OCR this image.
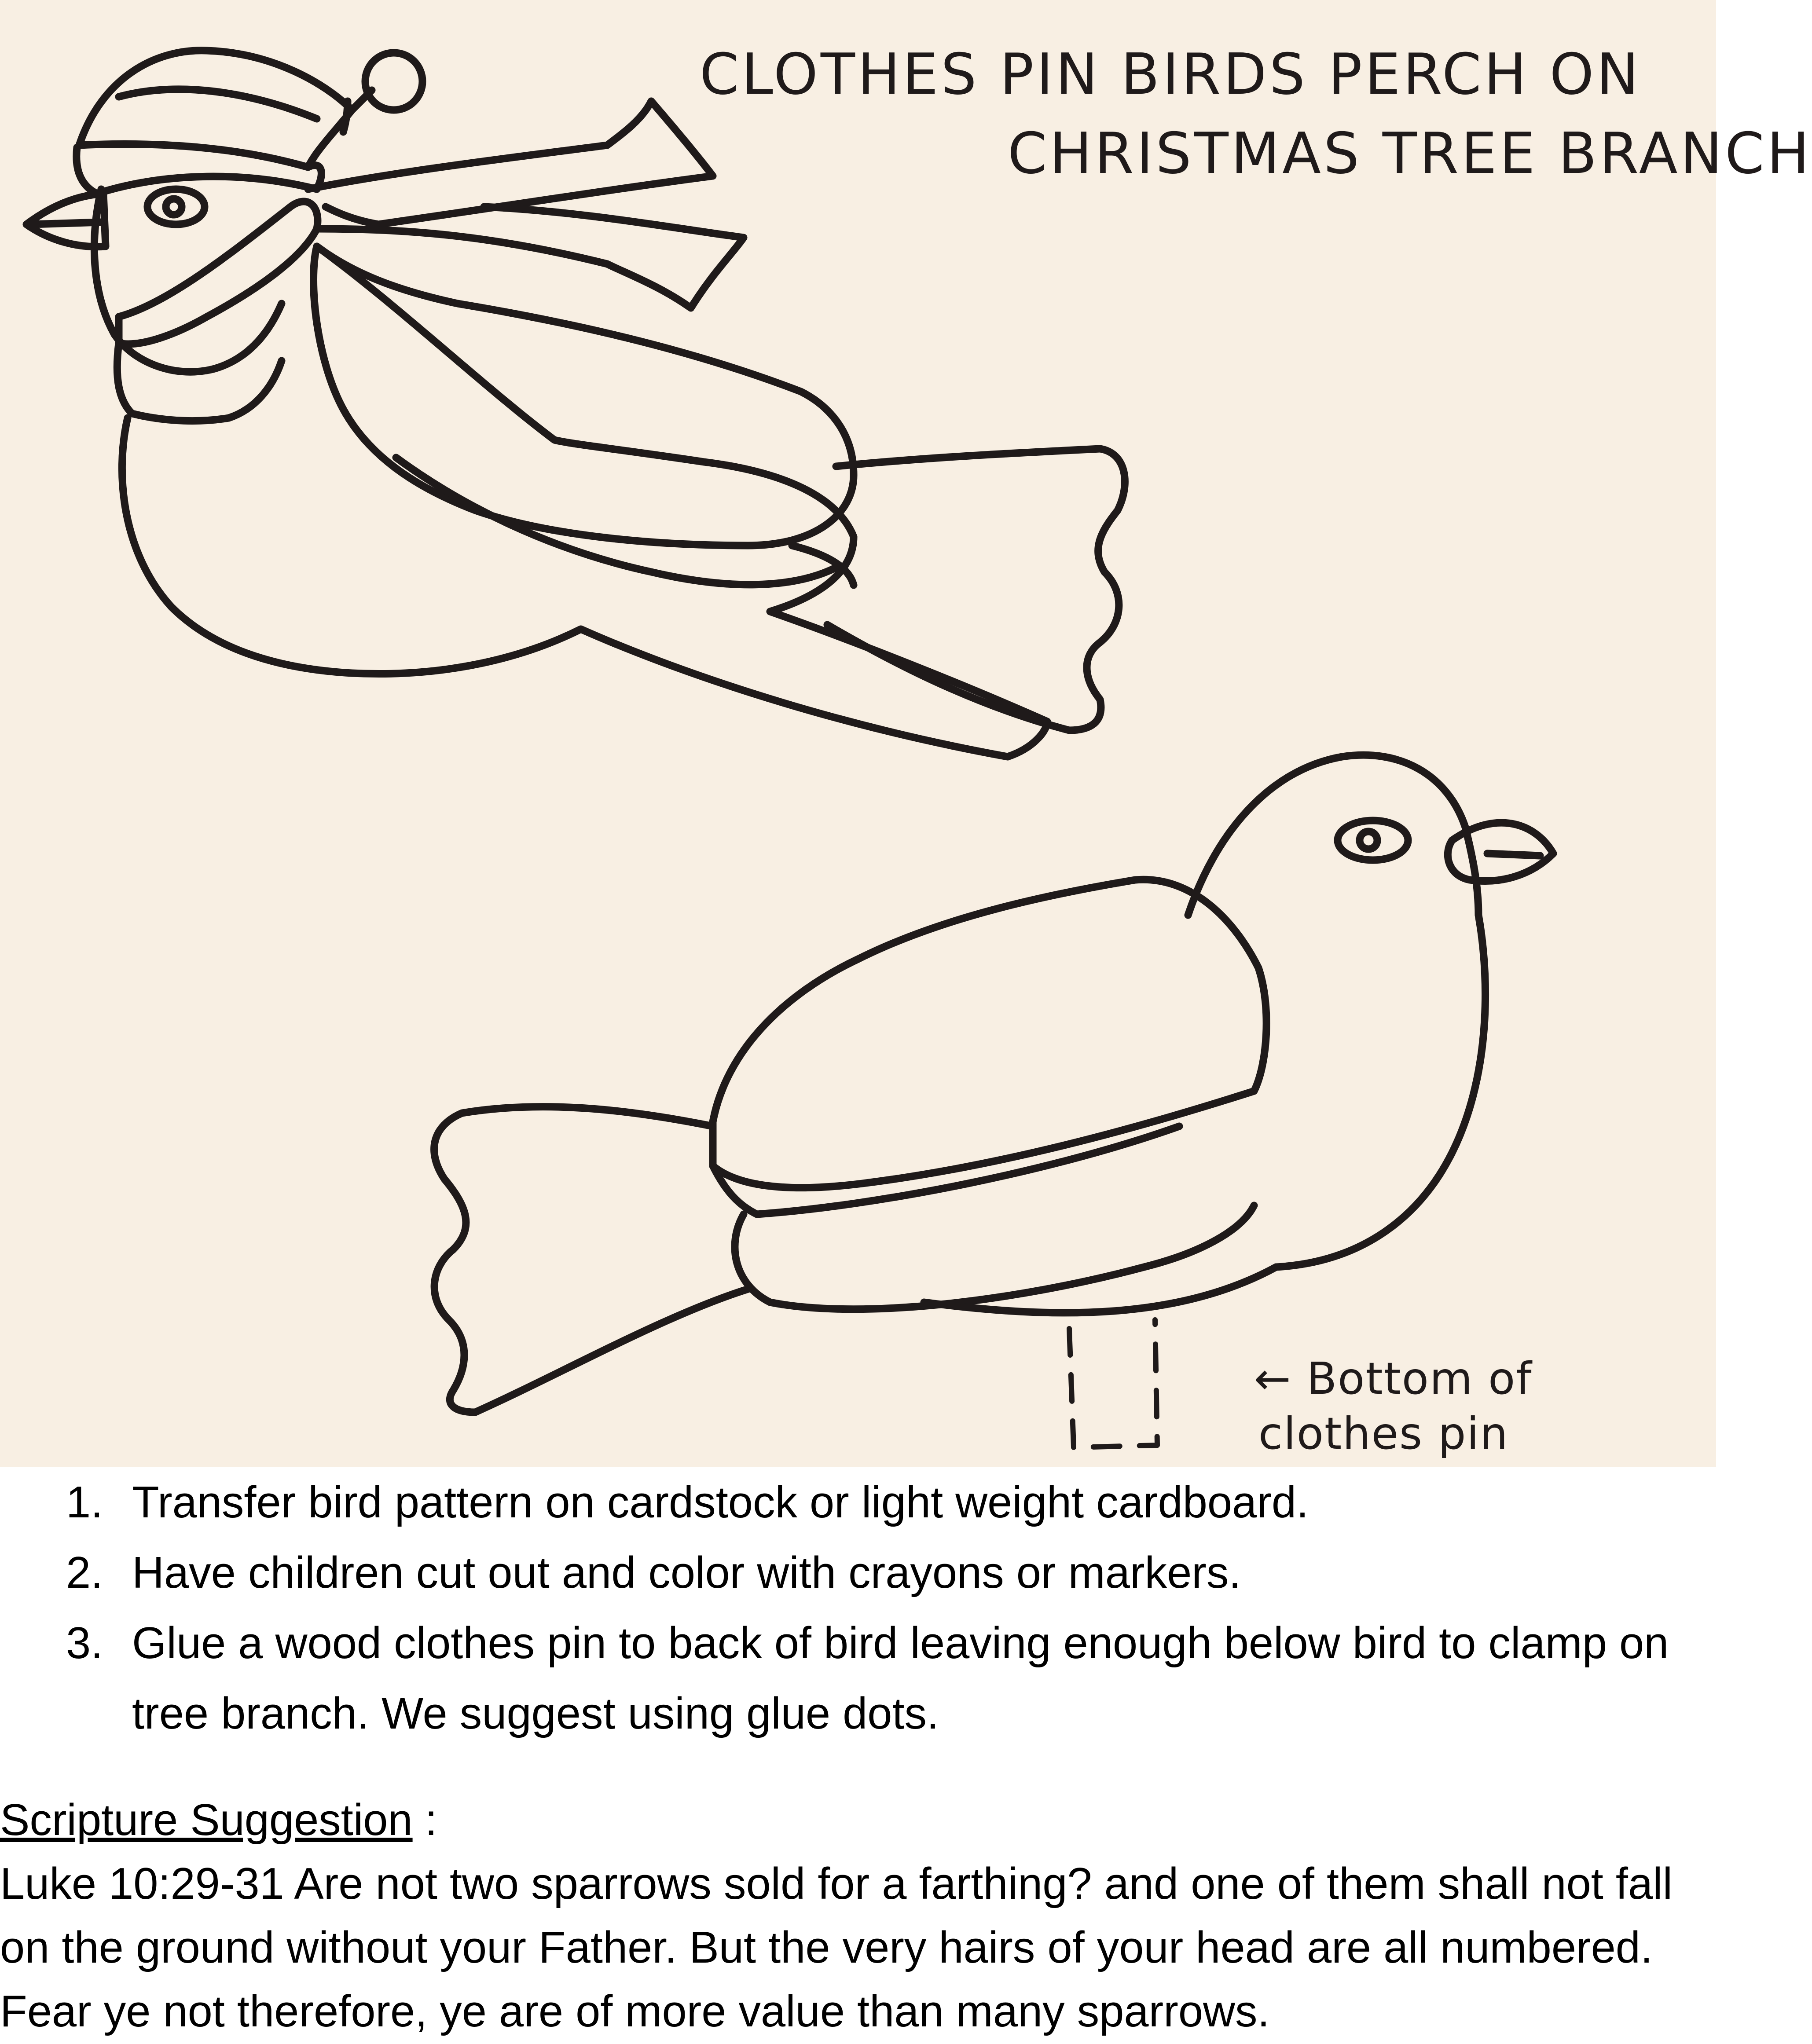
CLOTHES PIN BIRDS PERCH ON
CHRISTMAS TREE BRANCH
← Bottom of
clothes pin
1. Transfer bird pattern on cardstock or light weight cardboard.
2. Have children cut out and color with crayons or markers.
3. Glue a wood clothes pin to back of bird leaving enough below bird to clamp on tree branch. We suggest using glue dots.
Scripture Suggestion :
Luke 10:29-31 Are not two sparrows sold for a farthing? and one of them shall not fall on the ground without your Father. But the very hairs of your head are all numbered. Fear ye not therefore, ye are of more value than many sparrows.
